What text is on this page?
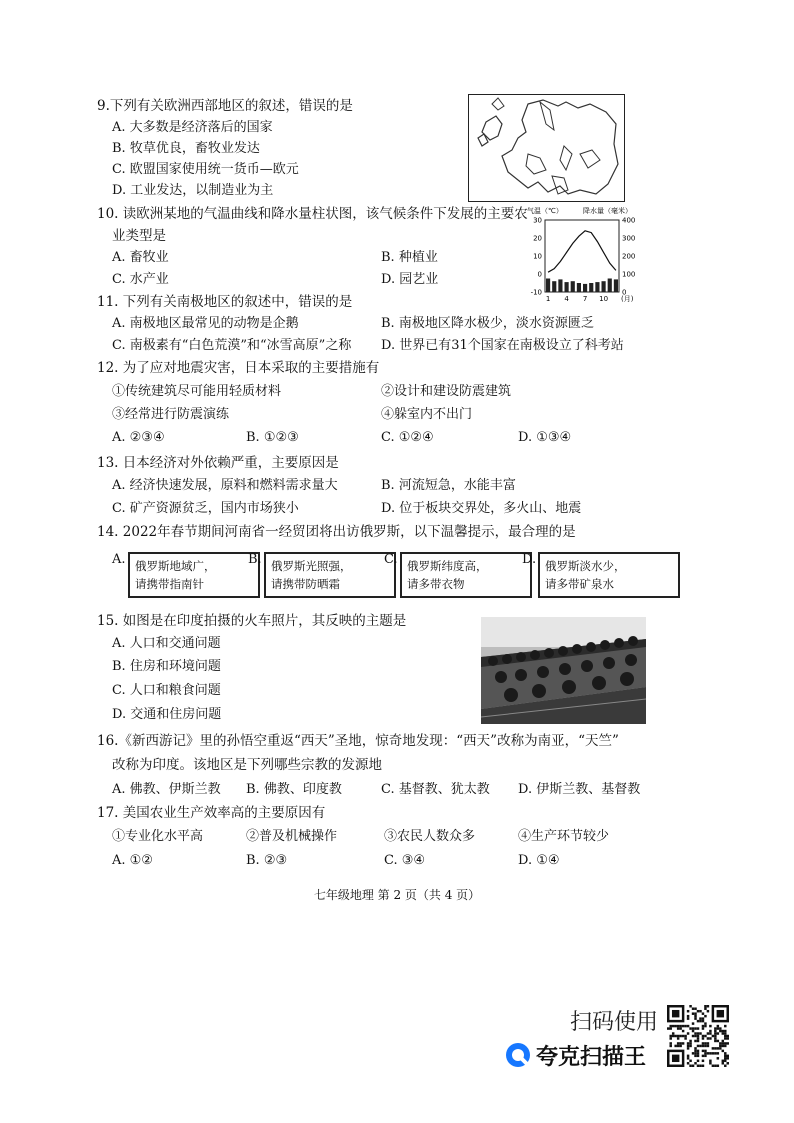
9.下列有关欧洲西部地区的叙述，错误的是
A. 大多数是经济落后的国家
B. 牧草优良，畜牧业发达
C. 欧盟国家使用统一货币—欧元
D. 工业发达，以制造业为主
10. 读欧洲某地的气温曲线和降水量柱状图，该气候条件下发展的主要农
业类型是
A. 畜牧业	B. 种植业
C. 水产业	D. 园艺业
气温（℃）	降水量（毫米）
30
20
10
0
-10
400
300
200
100
0
1 4 7 10 (月)
11. 下列有关南极地区的叙述中，错误的是
A. 南极地区最常见的动物是企鹅	B. 南极地区降水极少，淡水资源匮乏
C. 南极素有“白色荒漠”和“冰雪高原”之称 D. 世界已有31个国家在南极设立了科考站
12. 为了应对地震灾害，日本采取的主要措施有
①传统建筑尽可能用轻质材料	②设计和建设防震建筑
③经常进行防震演练	④躲室内不出门
A. ②③④	B. ①②③	C. ①②④	D. ①③④
13. 日本经济对外依赖严重，主要原因是
A. 经济快速发展，原料和燃料需求量大	B. 河流短急，水能丰富
C. 矿产资源贫乏，国内市场狭小	D. 位于板块交界处，多火山、地震
14. 2022年春节期间河南省一经贸团将出访俄罗斯，以下温馨提示，最合理的是
A. 俄罗斯地域广，
请携带指南针
B. 俄罗斯光照强，
请携带防晒霜
C. 俄罗斯纬度高，
请多带衣物
D. 俄罗斯淡水少，
请多带矿泉水
15. 如图是在印度拍摄的火车照片，其反映的主题是
A. 人口和交通问题
B. 住房和环境问题
C. 人口和粮食问题
D. 交通和住房问题
16.《新西游记》里的孙悟空重返“西天”圣地，惊奇地发现：“西天”改称为南亚，“天竺”
改称为印度。该地区是下列哪些宗教的发源地
A. 佛教、伊斯兰教 B. 佛教、印度教	C. 基督教、犹太教 D. 伊斯兰教、基督教
17. 美国农业生产效率高的主要原因有
①专业化水平高	②普及机械操作	③农民人数众多	④生产环节较少
A. ①②	B. ②③	C. ③④	D. ①④
七年级地理 第 2 页（共 4 页）
扫码使用
夸克扫描王
